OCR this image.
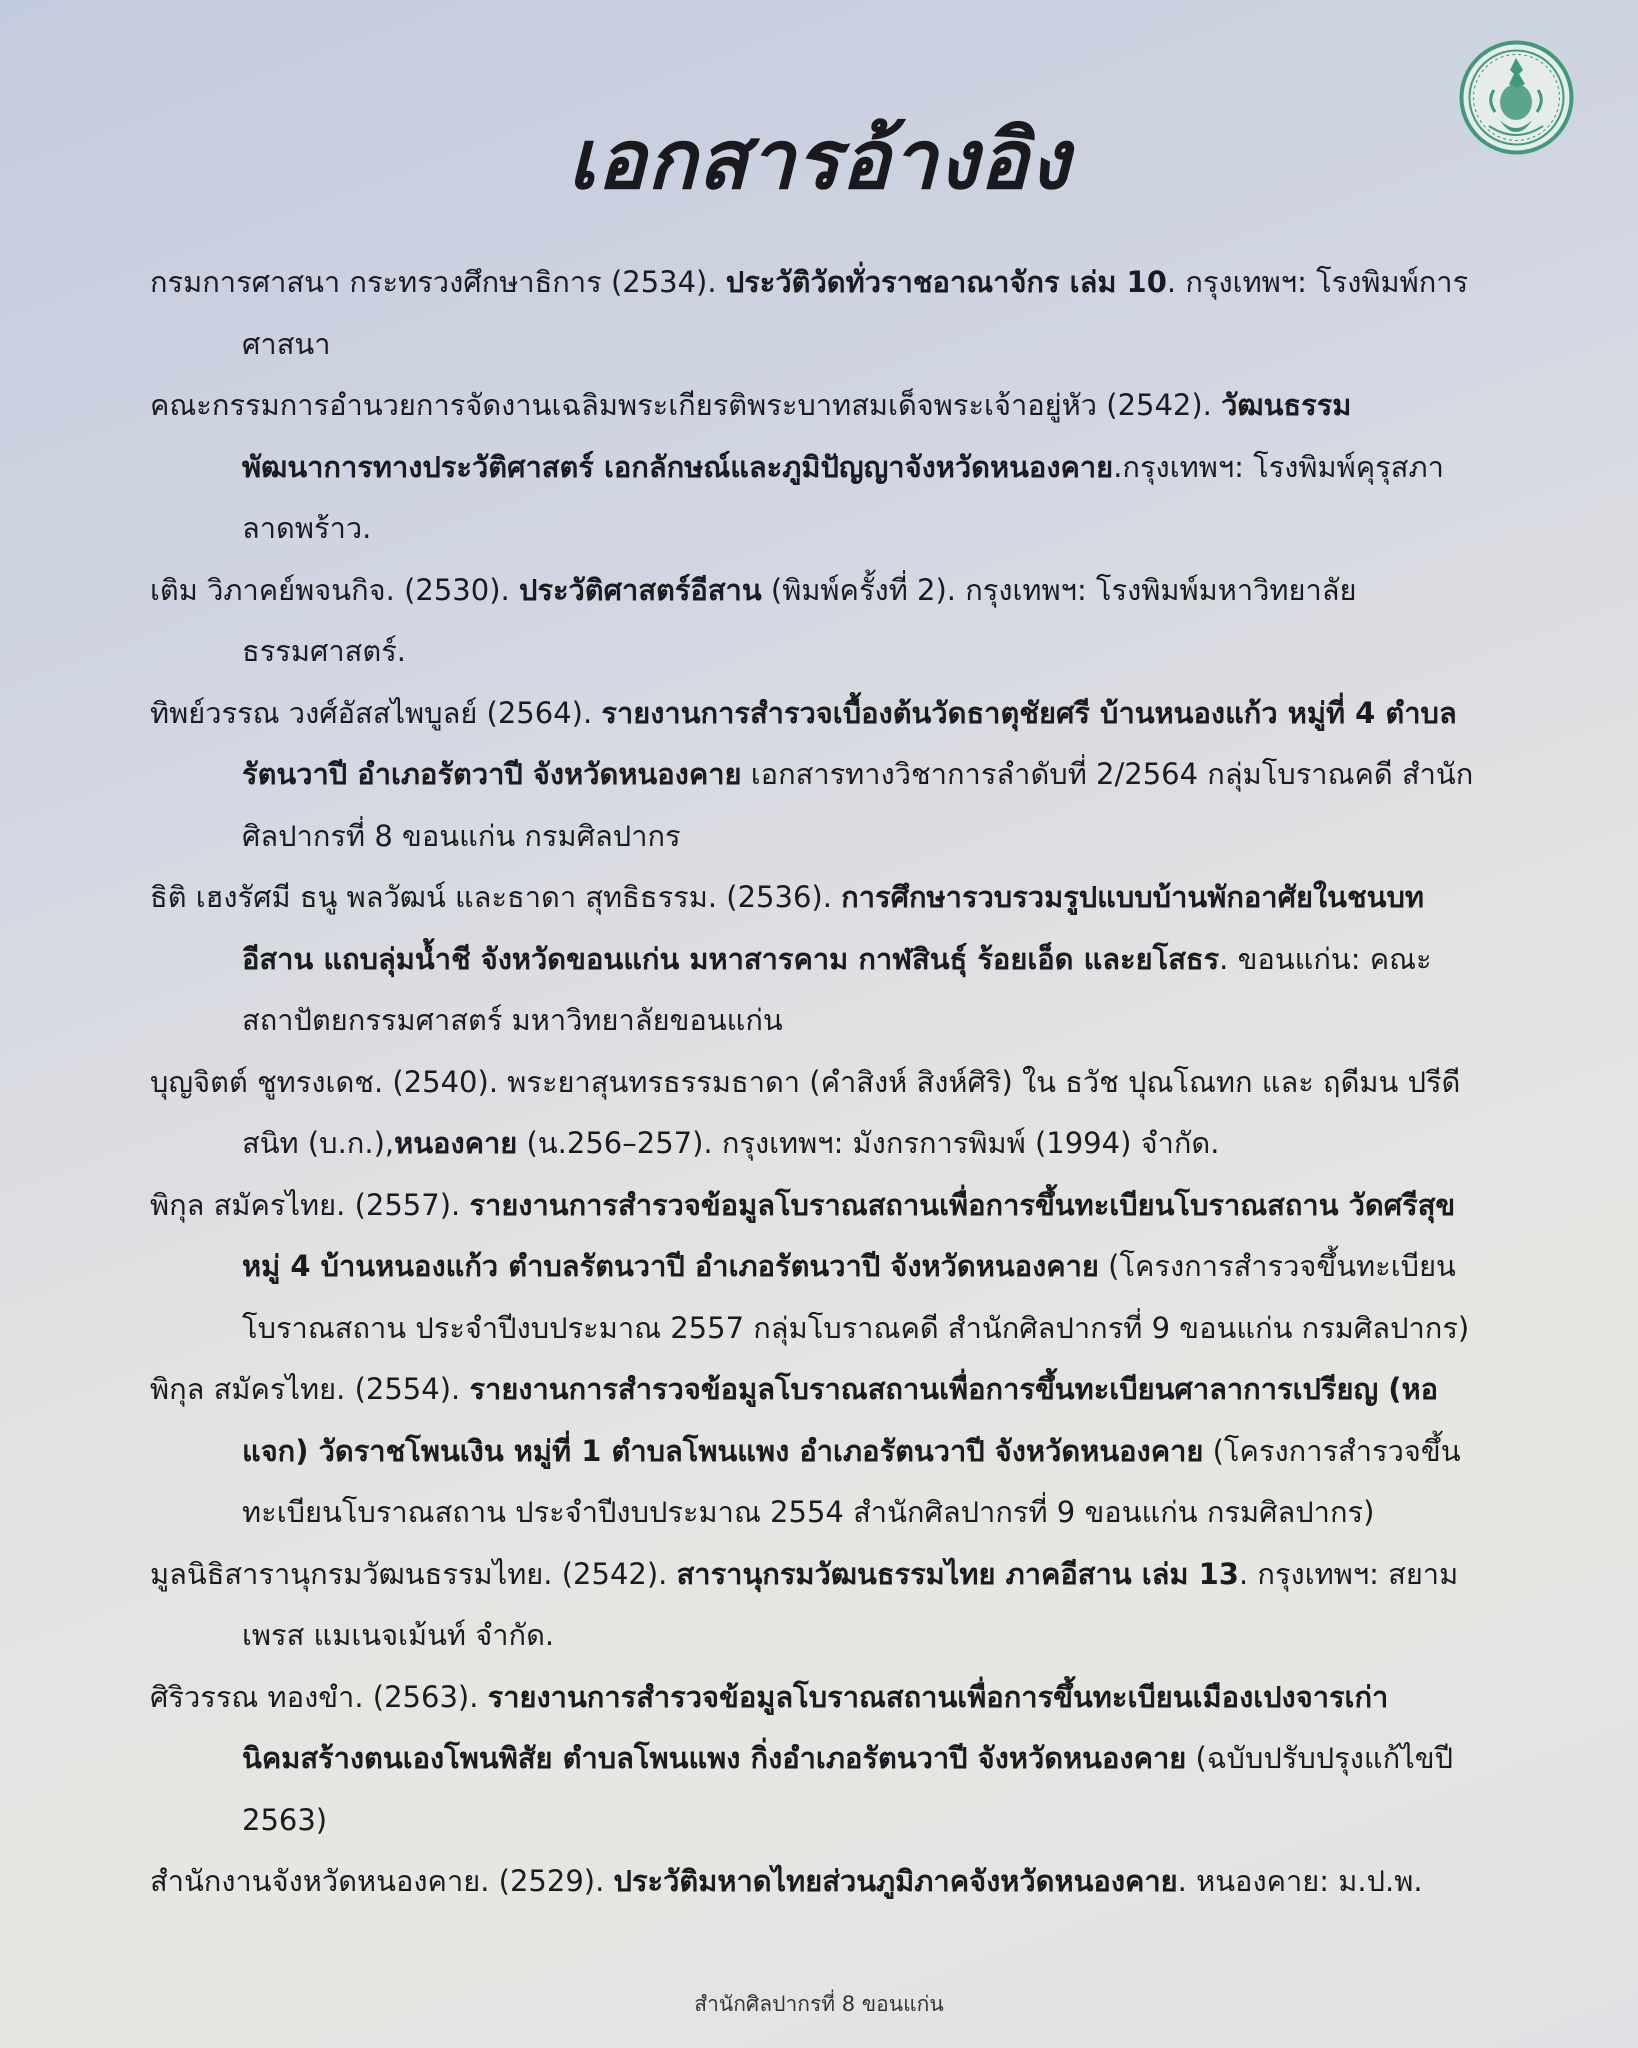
เอกสารอ้างอิง

กรมการศาสนา กระทรวงศึกษาธิการ (2534). ประวัติวัดทั่วราชอาณาจักร เล่ม 10. กรุงเทพฯ: โรงพิมพ์การศาสนา

คณะกรรมการอำนวยการจัดงานเฉลิมพระเกียรติพระบาทสมเด็จพระเจ้าอยู่หัว (2542). วัฒนธรรม พัฒนาการทางประวัติศาสตร์ เอกลักษณ์และภูมิปัญญาจังหวัดหนองคาย.กรุงเทพฯ: โรงพิมพ์คุรุสภาลาดพร้าว.

เติม วิภาคย์พจนกิจ. (2530). ประวัติศาสตร์อีสาน (พิมพ์ครั้งที่ 2). กรุงเทพฯ: โรงพิมพ์มหาวิทยาลัยธรรมศาสตร์.

ทิพย์วรรณ วงศ์อัสสไพบูลย์ (2564). รายงานการสำรวจเบื้องต้นวัดธาตุชัยศรี บ้านหนองแก้ว หมู่ที่ 4 ตำบลรัตนวาปี อำเภอรัตวาปี จังหวัดหนองคาย เอกสารทางวิชาการลำดับที่ 2/2564 กลุ่มโบราณคดี สำนักศิลปากรที่ 8 ขอนแก่น กรมศิลปากร

ธิติ เฮงรัศมี ธนู พลวัฒน์ และธาดา สุทธิธรรม. (2536). การศึกษารวบรวมรูปแบบบ้านพักอาศัยในชนบทอีสาน แถบลุ่มน้ำชี จังหวัดขอนแก่น มหาสารคาม กาฬสินธุ์ ร้อยเอ็ด และยโสธร. ขอนแก่น: คณะสถาปัตยกรรมศาสตร์ มหาวิทยาลัยขอนแก่น

บุญจิตต์ ชูทรงเดช. (2540). พระยาสุนทรธรรมธาดา (คำสิงห์ สิงห์ศิริ) ใน ธวัช ปุณโณทก และ ฤดีมน ปรีดีสนิท (บ.ก.),หนองคาย (น.256–257). กรุงเทพฯ: มังกรการพิมพ์ (1994) จำกัด.

พิกุล สมัครไทย. (2557). รายงานการสำรวจข้อมูลโบราณสถานเพื่อการขึ้นทะเบียนโบราณสถาน วัดศรีสุข หมู่ 4 บ้านหนองแก้ว ตำบลรัตนวาปี อำเภอรัตนวาปี จังหวัดหนองคาย (โครงการสำรวจขึ้นทะเบียนโบราณสถาน ประจำปีงบประมาณ 2557 กลุ่มโบราณคดี สำนักศิลปากรที่ 9 ขอนแก่น กรมศิลปากร)

พิกุล สมัครไทย. (2554). รายงานการสำรวจข้อมูลโบราณสถานเพื่อการขึ้นทะเบียนศาลาการเปรียญ (หอแจก) วัดราชโพนเงิน หมู่ที่ 1 ตำบลโพนแพง อำเภอรัตนวาปี จังหวัดหนองคาย (โครงการสำรวจขึ้นทะเบียนโบราณสถาน ประจำปีงบประมาณ 2554 สำนักศิลปากรที่ 9 ขอนแก่น กรมศิลปากร)

มูลนิธิสารานุกรมวัฒนธรรมไทย. (2542). สารานุกรมวัฒนธรรมไทย ภาคอีสาน เล่ม 13. กรุงเทพฯ: สยามเพรส แมเนจเม้นท์ จำกัด.

ศิริวรรณ ทองขำ. (2563). รายงานการสำรวจข้อมูลโบราณสถานเพื่อการขึ้นทะเบียนเมืองเปงจารเก่า นิคมสร้างตนเองโพนพิสัย ตำบลโพนแพง กิ่งอำเภอรัตนวาปี จังหวัดหนองคาย (ฉบับปรับปรุงแก้ไขปี 2563)

สำนักงานจังหวัดหนองคาย. (2529). ประวัติมหาดไทยส่วนภูมิภาคจังหวัดหนองคาย. หนองคาย: ม.ป.พ.

สำนักศิลปากรที่ 8 ขอนแก่น
